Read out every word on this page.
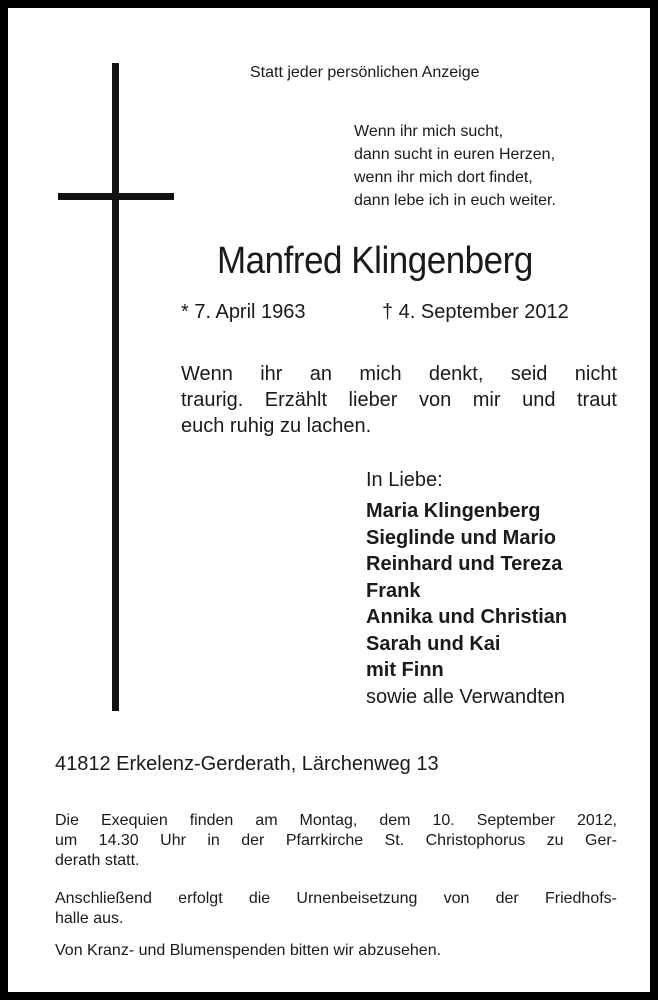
Statt jeder persönlichen Anzeige
Wenn ihr mich sucht,
dann sucht in euren Herzen,
wenn ihr mich dort findet,
dann lebe ich in euch weiter.
Manfred Klingenberg
* 7. April 1963	† 4. September 2012
Wenn ihr an mich denkt, seid nicht
traurig. Erzählt lieber von mir und traut
euch ruhig zu lachen.
In Liebe:
Maria Klingenberg
Sieglinde und Mario
Reinhard und Tereza
Frank
Annika und Christian
Sarah und Kai
mit Finn
sowie alle Verwandten
41812 Erkelenz-Gerderath, Lärchenweg 13

Die Exequien finden am Montag, dem 10. September 2012,
um 14.30 Uhr in der Pfarrkirche St. Christophorus zu Ger-
derath statt.

Anschließend erfolgt die Urnenbeisetzung von der Friedhofs-
halle aus.

Von Kranz- und Blumenspenden bitten wir abzusehen.
